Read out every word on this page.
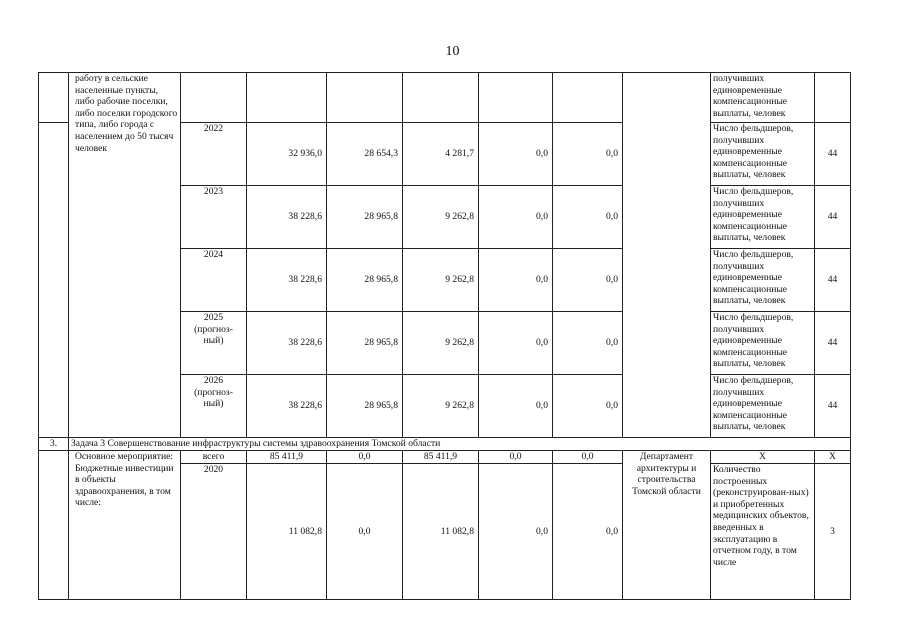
10
	работу в сельские населенные пункты, либо рабочие поселки, либо поселки городского типа, либо города с населением до 50 тысяч человек								получивших единовременные компенсационные выплаты, человек	
		2022	32 936,0	28 654,3	4 281,7	0,0	0,0		Число фельдшеров, получивших единовременные компенсационные выплаты, человек	44
		2023	38 228,6	28 965,8	9 262,8	0,0	0,0		Число фельдшеров, получивших единовременные компенсационные выплаты, человек	44
		2024	38 228,6	28 965,8	9 262,8	0,0	0,0		Число фельдшеров, получивших единовременные компенсационные выплаты, человек	44
		2025
(прогноз-
ный)	38 228,6	28 965,8	9 262,8	0,0	0,0		Число фельдшеров, получивших единовременные компенсационные выплаты, человек	44
		2026
(прогноз-
ный)	38 228,6	28 965,8	9 262,8	0,0	0,0		Число фельдшеров, получивших единовременные компенсационные выплаты, человек	44
3.	Задача 3 Совершенствование инфраструктуры системы здравоохранения Томской области									
	Основное мероприятие: Бюджетные инвестиции в объекты здравоохранения, в том числе:	всего	85 411,9	0,0	85 411,9	0,0	0,0	Департамент архитектуры и строительства Томской области	X	X
		2020	11 082,8	0,0	11 082,8	0,0	0,0		Количество построенных (реконструирован-ных) и приобретенных медицинских объектов, введенных в эксплуатацию в отчетном году, в том числе	3
